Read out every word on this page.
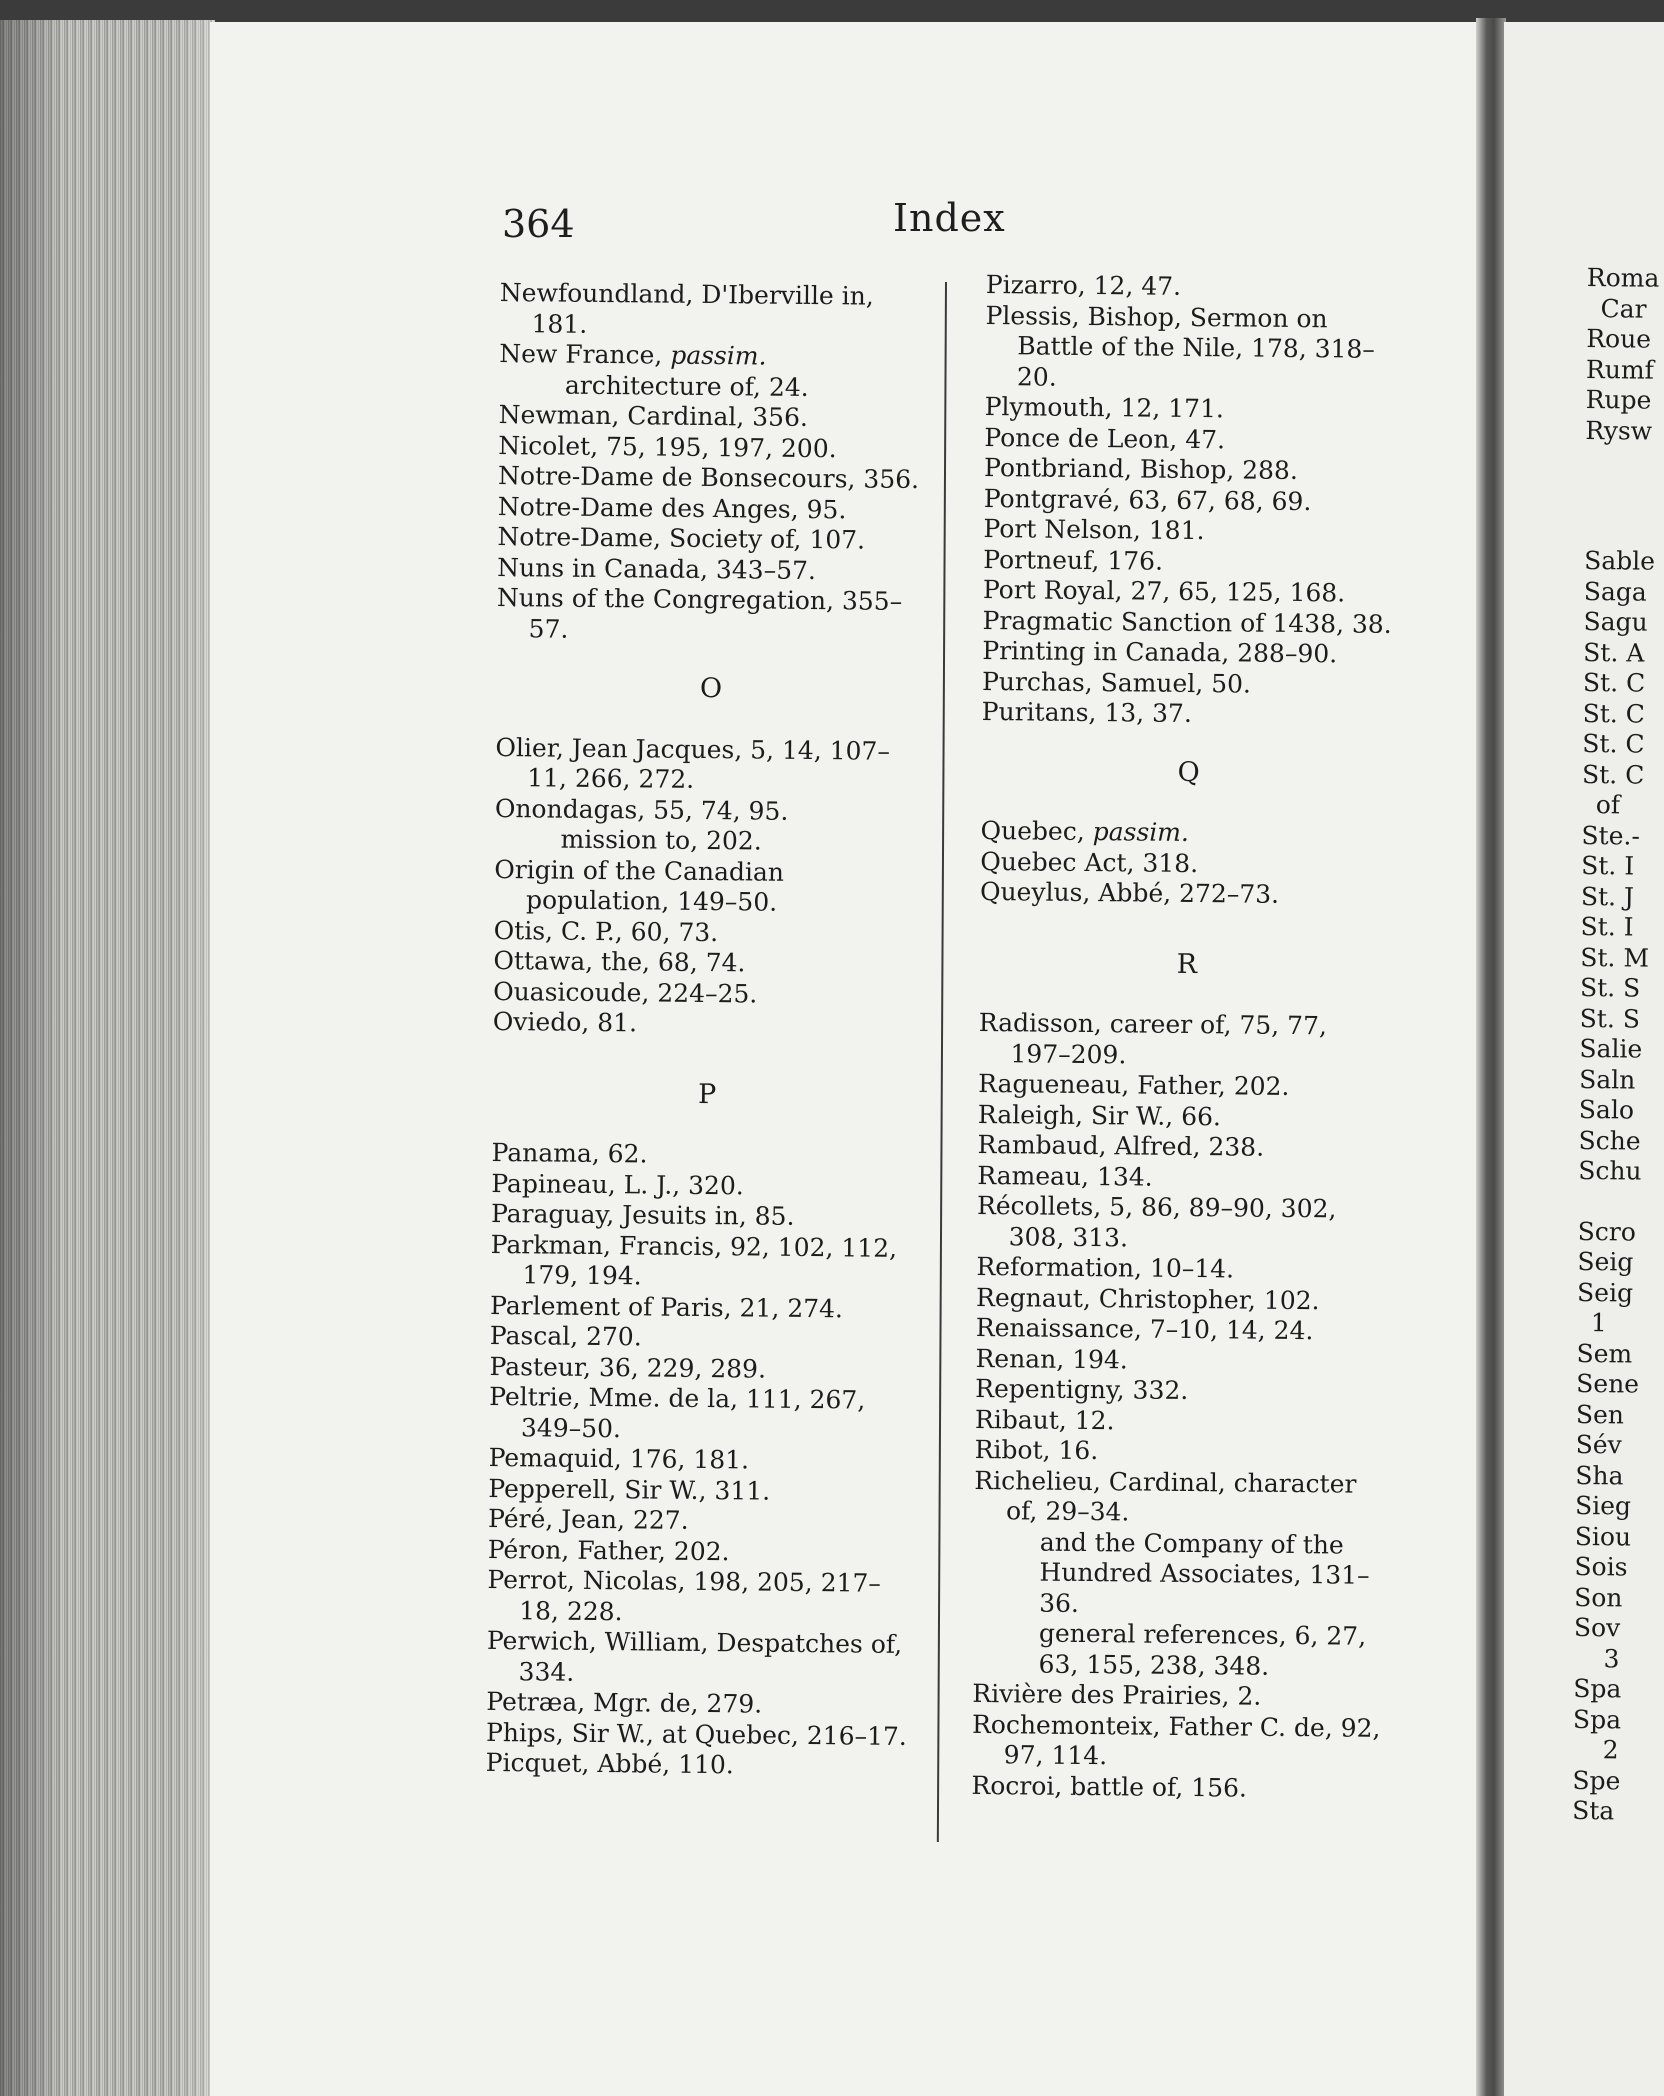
364	Index
Newfoundland, D'Iberville in, 181.
New France, passim.
architecture of, 24.
Newman, Cardinal, 356.
Nicolet, 75, 195, 197, 200.
Notre-Dame de Bonsecours, 356.
Notre-Dame des Anges, 95.
Notre-Dame, Society of, 107.
Nuns in Canada, 343–57.
Nuns of the Congregation, 355–57.
O
Olier, Jean Jacques, 5, 14, 107–11, 266, 272.
Onondagas, 55, 74, 95.
mission to, 202.
Origin of the Canadian population, 149–50.
Otis, C. P., 60, 73.
Ottawa, the, 68, 74.
Ouasicoude, 224–25.
Oviedo, 81.
P
Panama, 62.
Papineau, L. J., 320.
Paraguay, Jesuits in, 85.
Parkman, Francis, 92, 102, 112, 179, 194.
Parlement of Paris, 21, 274.
Pascal, 270.
Pasteur, 36, 229, 289.
Peltrie, Mme. de la, 111, 267, 349–50.
Pemaquid, 176, 181.
Pepperell, Sir W., 311.
Péré, Jean, 227.
Péron, Father, 202.
Perrot, Nicolas, 198, 205, 217–18, 228.
Perwich, William, Despatches of, 334.
Petræa, Mgr. de, 279.
Phips, Sir W., at Quebec, 216–17.
Picquet, Abbé, 110.
Pizarro, 12, 47.
Plessis, Bishop, Sermon on Battle of the Nile, 178, 318–20.
Plymouth, 12, 171.
Ponce de Leon, 47.
Pontbriand, Bishop, 288.
Pontgravé, 63, 67, 68, 69.
Port Nelson, 181.
Portneuf, 176.
Port Royal, 27, 65, 125, 168.
Pragmatic Sanction of 1438, 38.
Printing in Canada, 288–90.
Purchas, Samuel, 50.
Puritans, 13, 37.
Q
Quebec, passim.
Quebec Act, 318.
Queylus, Abbé, 272–73.
R
Radisson, career of, 75, 77, 197–209.
Ragueneau, Father, 202.
Raleigh, Sir W., 66.
Rambaud, Alfred, 238.
Rameau, 134.
Récollets, 5, 86, 89–90, 302, 308, 313.
Reformation, 10–14.
Regnaut, Christopher, 102.
Renaissance, 7–10, 14, 24.
Renan, 194.
Repentigny, 332.
Ribaut, 12.
Ribot, 16.
Richelieu, Cardinal, character of, 29–34.
and the Company of the Hundred Associates, 131–36.
general references, 6, 27, 63, 155, 238, 348.
Rivière des Prairies, 2.
Rochemonteix, Father C. de, 92, 97, 114.
Rocroi, battle of, 156.
Roma
Car
Roue
Rumf
Rupe
Rysw
Sable
Saga
Sagu
St. A
St. C
St. C
St. C
St. C
of
Ste.-
St. I
St. J
St. I
St. M
St. S
St. S
Salie
Saln
Salo
Sche
Schu
Scro
Seig
Seig
1
Sem
Sene
Sen
Sév
Sha
Sieg
Siou
Sois
Son
Sov
3
Spa
Spa
2
Spe
Sta
